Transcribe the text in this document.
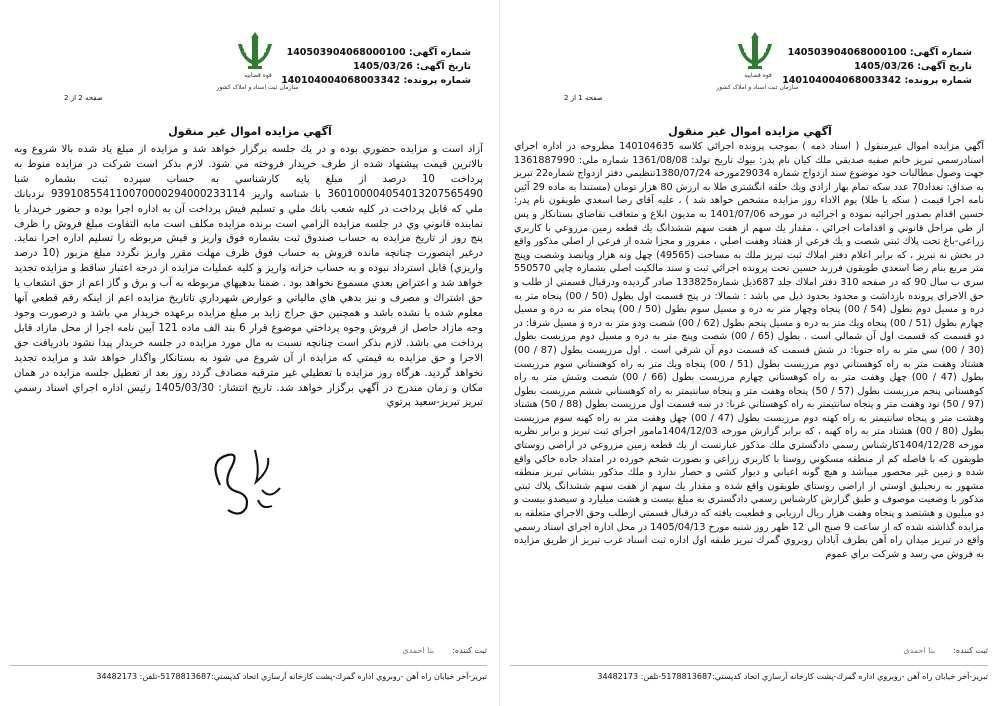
شماره آگهی: 140503904068000100
تاریخ آگهی: 1405/03/26
شماره پرونده: 140104004068003342
قوه قضاییه
سازمان ثبت اسناد و املاک کشور
صفحه 2 از 2
آگهي مزايده اموال غير منقول

آزاد است و مزايده حضوري بوده و در يك جلسه برگزار خواهد شد و مزايده از مبلغ ياد شده بالا شروع وبه بالاترين قيمت پيشنهاد شده از طرف خريدار فروخته مي شود. لازم بذكر است شركت در مزايده منوط به پرداخت 10 درصد از مبلغ پايه كارشناسي به حساب سپرده ثبت بشماره شبا 360100004054013207565490 با شناسه واريز 939108554110070000294000233114 نزدبانك ملي كه قابل پرداخت در كليه شعب بانك ملي و تسليم فيش پرداخت آن به اداره اجرا بوده و حضور خريدار يا نماينده قانوني وي در جلسه مزايده الزامي است برنده مزايده مكلف است مابه التفاوت مبلغ فروش را ظرف پنج روز از تاريخ مزايده به حساب صندوق ثبت بشماره فوق واريز و فيش مربوطه را تسليم اداره اجرا نمايد. درغير اينصورت چنانچه مانده فروش به حساب فوق ظرف مهلت مقرر واريز نگردد مبلغ مزبور (10 درصد واريزي) قابل استرداد نبوده و به حساب خزانه واريز و كليه عمليات مزايده از درجه اعتبار ساقط و مزايده تجديد خواهد شد و اعتراض بعدي مسموع نخواهد بود . ضمنا بدهيهاي مربوطه به آب و برق و گاز اعم از حق انشعاب يا حق اشتراك و مصرف و نيز بدهي هاي مالياتي و عوارض شهرداري تاتاريخ مزايده اعم از اينكه رقم قطعي آنها معلوم شده يا نشده باشد و همچنين حق حراج زايد بر مبلغ مزايده برعهده خريدار مي باشد و درصورت وجود وجه مازاد حاصل از فروش وجوه پرداختي موضوع قرار 6 بند الف ماده 121 آيين نامه اجرا از محل مازاد قابل پرداخت مي باشد. لازم بذكر است چنانچه نسبت به مال مورد مزايده در جلسه خريدار پيدا نشود بادريافت حق الاجرا و حق مزايده به قيمتي كه مزايده از آن شروع مي شود به بستانكار واگذار خواهد شد و مزايده تجديد نخواهد گرديد. هرگاه روز مزايده با تعطيلي غير مترقبه مصادف گردد روز بعد از تعطيل جلسه مزايده در همان مكان و زمان مندرج در آگهي برگزار خواهد شد. تاريخ انتشار: 1405/03/30 رئيس اداره اجراي اسناد رسمي تبريز تبريز-سعيد پرتوي

ثبت کننده:
بنا احمدی
تبريز-آخر خيابان راه آهن -روبروي اداره گمرك-پشت كارخانه آرسازي اتحاد كدپستي:5178813687-تلفن: 34482173
شماره آگهی: 140503904068000100
تاریخ آگهی: 1405/03/26
شماره پرونده: 140104004068003342
قوه قضاییه
سازمان ثبت اسناد و املاک کشور
صفحه 1 از 2
آگهي مزايده اموال غير منقول

آگهي مزايده اموال غيرمنقول ( اسناد ذمه ) بموجب پرونده اجرائي كلاسه 140104635 مطروحه در اداره اجراي اسنادرسمي تبريز خانم صفيه صديقي ملك كيان نام پدر: بيوك تاريخ تولد: 1361/08/08 شماره ملي: 1361887990 جهت وصول مطالبات خود موضوع سند ازدواج شماره 29034مورخه 1380/07/24تنظيمي دفتر ازدواج شماره22 تبريز به صداق: تعداد70 عدد سكه تمام بهار ازادي ويك حلقه انگشتري طلا به ارزش 80 هزار تومان (مستندا به ماده 29 آئين نامه اجرا قيمت ( سكه يا طلا) يوم الاداء روز مزايده مشخص خواهد شد ) ، عليه آقاي رضا اسعدي طويقون نام پدر: حسين اقدام بصدور اجرائيه نموده و اجرائيه در مورخه 1401/07/06 به مديون ابلاغ و متعاقب تقاضاي بستانكار و پس از طي مراحل قانوني و اقدامات اجرائي ، مقدار يك سهم از هفت سهم ششدانگ يك قطعه زمين مزروعي با كاربري زراعي-باغ تحت پلاك ثبتي شصت و يك فرعي از هفتاد وهفت اصلي ، مفروز و مجزا شده از فرعي از اصلي مذكور واقع در بخش نه تبريز ، كه برابر اعلام دفتر املاك ثبت تبريز ملك به مساحت (49565) چهل ونه هزار وپانصد وشصت وپنج متر مربع بنام رضا اسعدي طويقون فرزند حسين تحت پرونده اجرائي ثبت و سند مالكيت اصلي بشماره چاپي 550570 سري ب سال 90 كه در صفحه 310 دفتر املاك جلد 687ذيل شماره133825 صادر گرديده ودرقبال قسمتي از طلب و حق الاجراي پرونده بازداشت و محدود بحدود ذيل مي باشد : شمالا: در پنج قسمت اول بطول (50 / 00) پنجاه متر به دره و مسيل دوم بطول (54 / 00) پنجاه وچهار متر به دره و مسيل سوم بطول (50 / 00) پنجاه متر به دره و مسيل چهارم بطول (51 / 00) پنجاه ويك متر به دره و مسيل پنجم بطول (62 / 00) شصت ودو متر به دره و مسيل شرقا: در دو قسمت كه قسمت اول آن شمالي است . بطول (65 / 00) شصت وپنج متر به دره و مسيل دوم مرزيست بطول (30 / 00) سي متر به راه جنوبا: در شش قسمت كه قسمت دوم آن شرقي است . اول مرزيست بطول (87 / 00) هشتاد وهفت متر به راه كوهستاني دوم مرزيست بطول (51 / 00) پنجاه ويك متر به راه كوهستاني سوم مرزيست بطول (47 / 00) چهل وهفت متر به راه كوهستاني چهارم مرزيست بطول (66 / 00) شصت وشش متر به راه كوهستاني پنجم مرزيست بطول (57 / 50) پنجاه وهفت متر و پنجاه سانتيمتر به راه كوهستاني ششم مرزيست بطول (97 / 50) نود وهفت متر و پنجاه سانتيمتر به راه كوهستاني غربا: در سه قسمت اول مرزيست بطول (88 / 50) هشتاد وهشت متر و پنجاه سانتيمتر به راه كهنه دوم مرزيست بطول (47 / 00) چهل وهفت متر به راه كهنه سوم مرزيست بطول (80 / 00) هشتاد متر به راه كهنه ، كه برابر گزارش مورخه 1404/12/03مامور اجراي ثبت تبريز و برابر نظريه مورخه 1404/12/28كارشناس رسمي دادگستري ملك مذكور عبارتست از يك قطعه زمين مزروعي در اراضي روستاي طويقون كه با فاصله كم از منطقه مسكوني روستا با كاربري زراعي و بصورت شخم خورده در امتداد جاده خاكي واقع شده و زمين غير محصور ميباشد و هيچ گونه اعياني و ديوار كشي و حصار ندارد و ملك مذكور بنشاني تبريز منطقه مشهور به زنجيليق اوستي از اراضي روستاي طويقون واقع شده و مقدار يك سهم از هفت سهم ششدانگ پلاك ثبتي مذكور با وضعيت موصوف و طبق گزارش كارشناس رسمي دادگستري به مبلغ بيست و هشت ميليارد و سيصدو بيست و دو ميليون و هشتصد و پنجاه وهفت هزار ريال ارزيابي و قطعيت يافته كه درقبال قسمتي ازطلب وحق الاجراي متعلقه به مزايده گذاشته شده كه از ساعت 9 صبح الي 12 ظهر روز شنبه مورخ 1405/04/13 در محل اداره اجراي اسناد رسمي واقع در تبريز ميدان راه آهن بطرف آبادان روبروي گمرك تبريز طبقه اول اداره ثبت اسناد غرب تبريز از طريق مزايده به فروش مي رسد و شركت براي عموم

ثبت کننده:
بنا احمدی
تبريز-آخر خيابان راه آهن -روبروي اداره گمرك-پشت كارخانه آرسازي اتحاد كدپستي:5178813687-تلفن: 34482173
